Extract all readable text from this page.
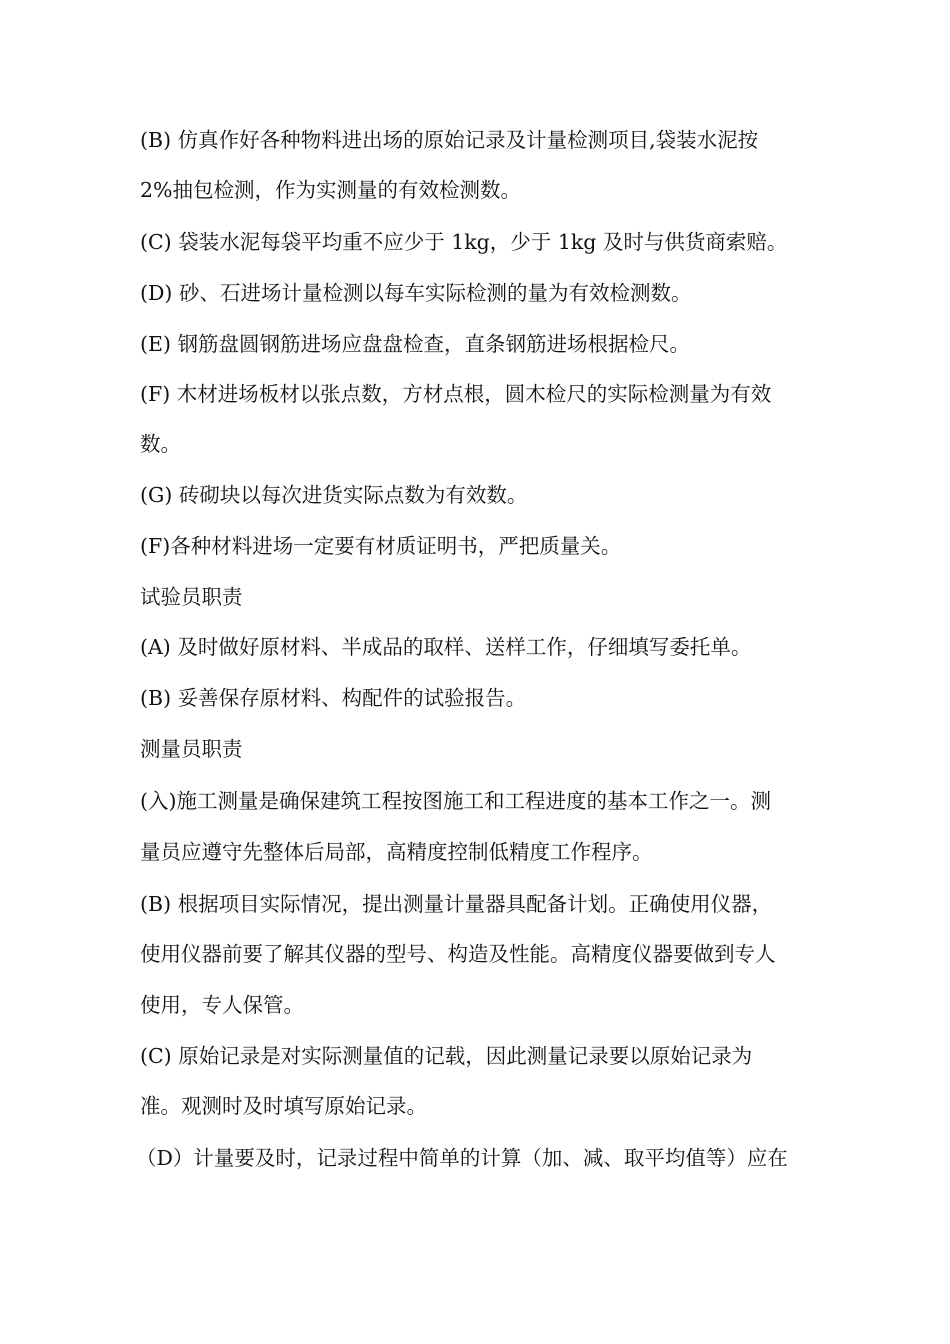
(B) 仿真作好各种物料进出场的原始记录及计量检测项目,袋装水泥按
2%抽包检测，作为实测量的有效检测数。
(C) 袋装水泥每袋平均重不应少于 1kg，少于 1kg 及时与供货商索赔。
(D) 砂、石进场计量检测以每车实际检测的量为有效检测数。
(E) 钢筋盘圆钢筋进场应盘盘检查，直条钢筋进场根据检尺。
(F) 木材进场板材以张点数，方材点根，圆木检尺的实际检测量为有效
数。
(G) 砖砌块以每次进货实际点数为有效数。
(F)各种材料进场一定要有材质证明书，严把质量关。
试验员职责
(A) 及时做好原材料、半成品的取样、送样工作，仔细填写委托单。
(B) 妥善保存原材料、构配件的试验报告。
测量员职责
(入)施工测量是确保建筑工程按图施工和工程进度的基本工作之一。测
量员应遵守先整体后局部，高精度控制低精度工作程序。
(B) 根据项目实际情况，提出测量计量器具配备计划。正确使用仪器，
使用仪器前要了解其仪器的型号、构造及性能。高精度仪器要做到专人
使用，专人保管。
(C) 原始记录是对实际测量值的记载，因此测量记录要以原始记录为
准。观测时及时填写原始记录。
（D）计量要及时，记录过程中简单的计算（加、减、取平均值等）应在
